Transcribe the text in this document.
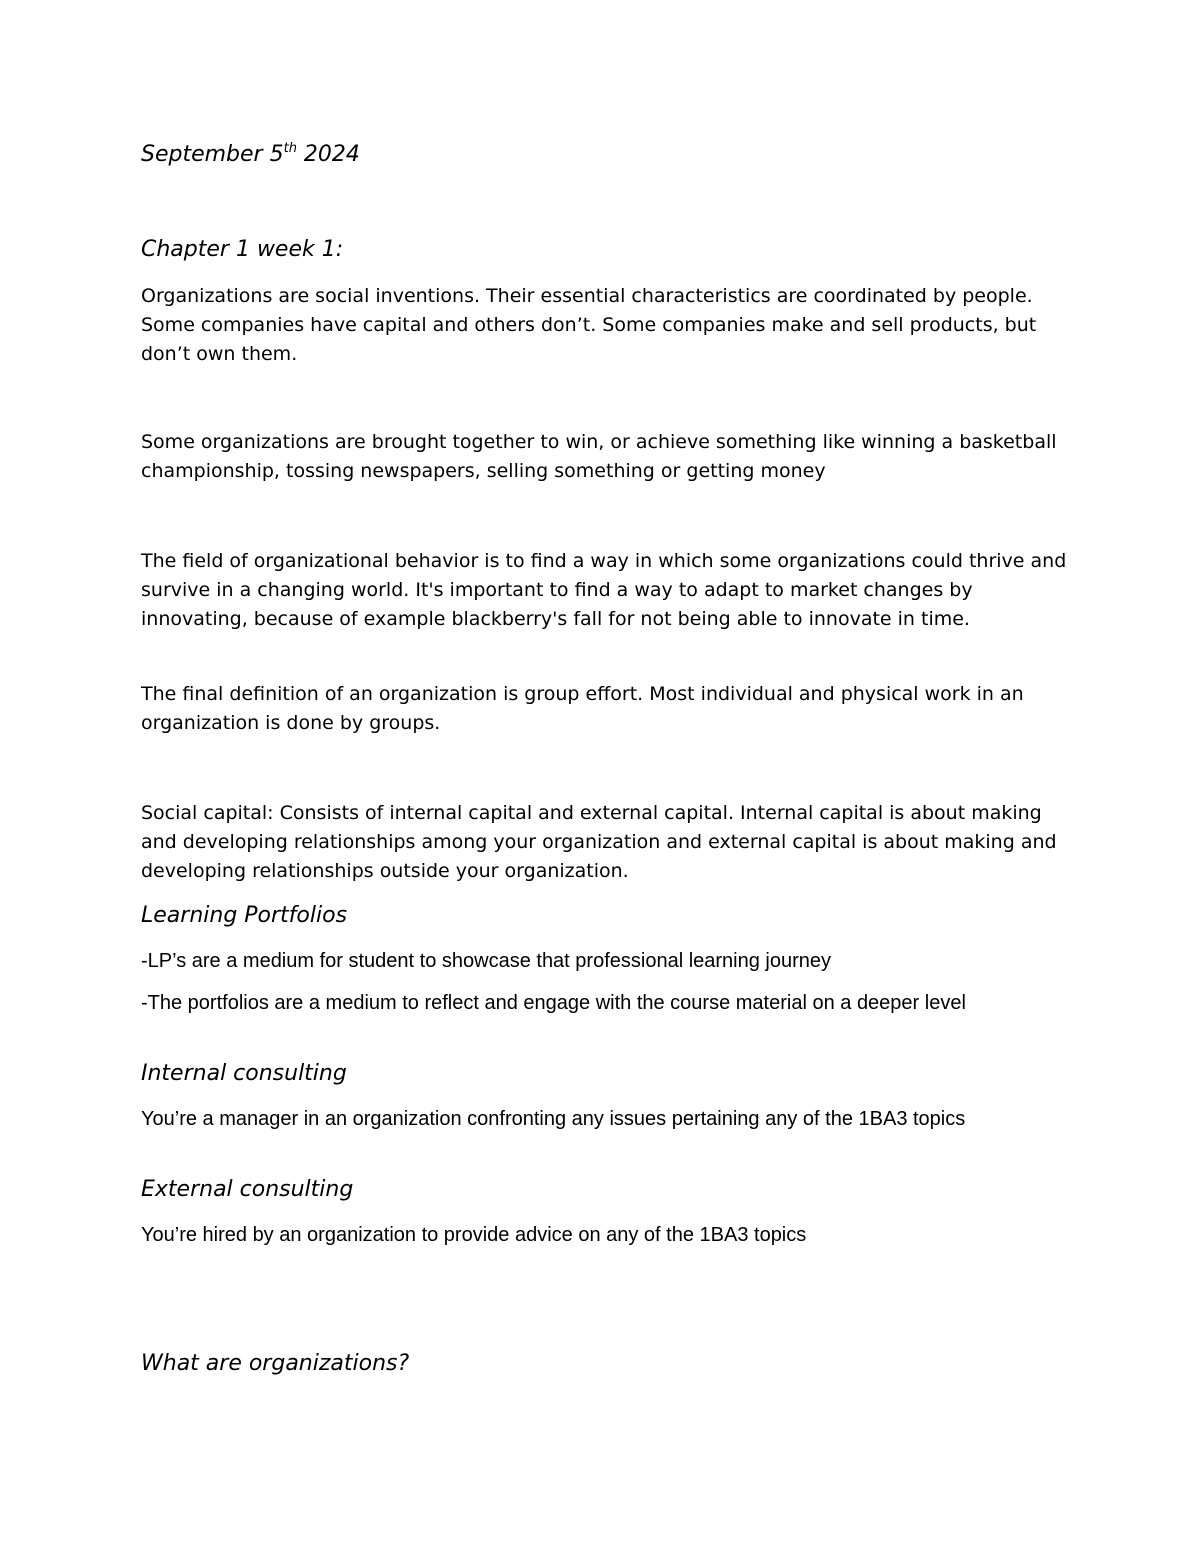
September 5th 2024

Chapter 1 week 1:

Organizations are social inventions. Their essential characteristics are coordinated by people. Some companies have capital and others don’t. Some companies make and sell products, but don’t own them.

Some organizations are brought together to win, or achieve something like winning a basketball championship, tossing newspapers, selling something or getting money

The field of organizational behavior is to find a way in which some organizations could thrive and survive in a changing world. It's important to find a way to adapt to market changes by innovating, because of example blackberry's fall for not being able to innovate in time.

The final definition of an organization is group effort. Most individual and physical work in an organization is done by groups.

Social capital: Consists of internal capital and external capital. Internal capital is about making and developing relationships among your organization and external capital is about making and developing relationships outside your organization.

Learning Portfolios

-LP’s are a medium for student to showcase that professional learning journey

-The portfolios are a medium to reflect and engage with the course material on a deeper level

Internal consulting

You’re a manager in an organization confronting any issues pertaining any of the 1BA3 topics

External consulting

You’re hired by an organization to provide advice on any of the 1BA3 topics

What are organizations?
